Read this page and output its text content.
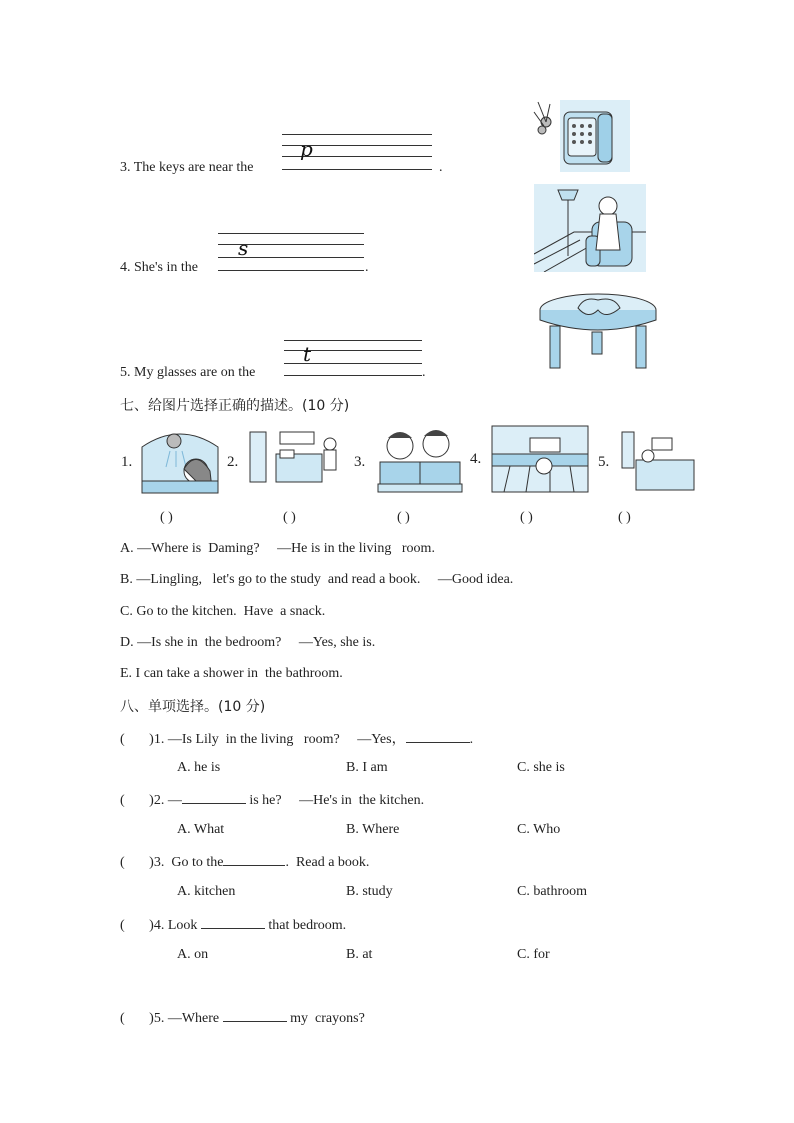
3. The keys are near the
p
.
4. She's in the
s
.
5. My glasses are on the
t
.
七、给图片选择正确的描述。(10 分)
1.	2.	3.	4.	5.
( )	( )	( )	( )	( )
A. —Where is  Daming?     —He is in the living   room.
B. —Lingling,   let's go to the study  and read a book.     —Good idea.
C. Go to the kitchen.  Have  a snack.
D. —Is she in  the bedroom?     —Yes, she is.
E. I can take a shower in  the bathroom.
八、单项选择。(10 分)
(       )1. —Is Lily  in the living   room?     —Yes，	.
A. he is	B. I am	C. she is
(       )2. —	is he?     —He's in  the kitchen.
A. What	B. Where	C. Who
(       )3.  Go to the	.  Read a book.
A. kitchen	B. study	C. bathroom
(       )4. Look	that bedroom.
A. on	B. at	C. for
(       )5. —Where	my  crayons?
